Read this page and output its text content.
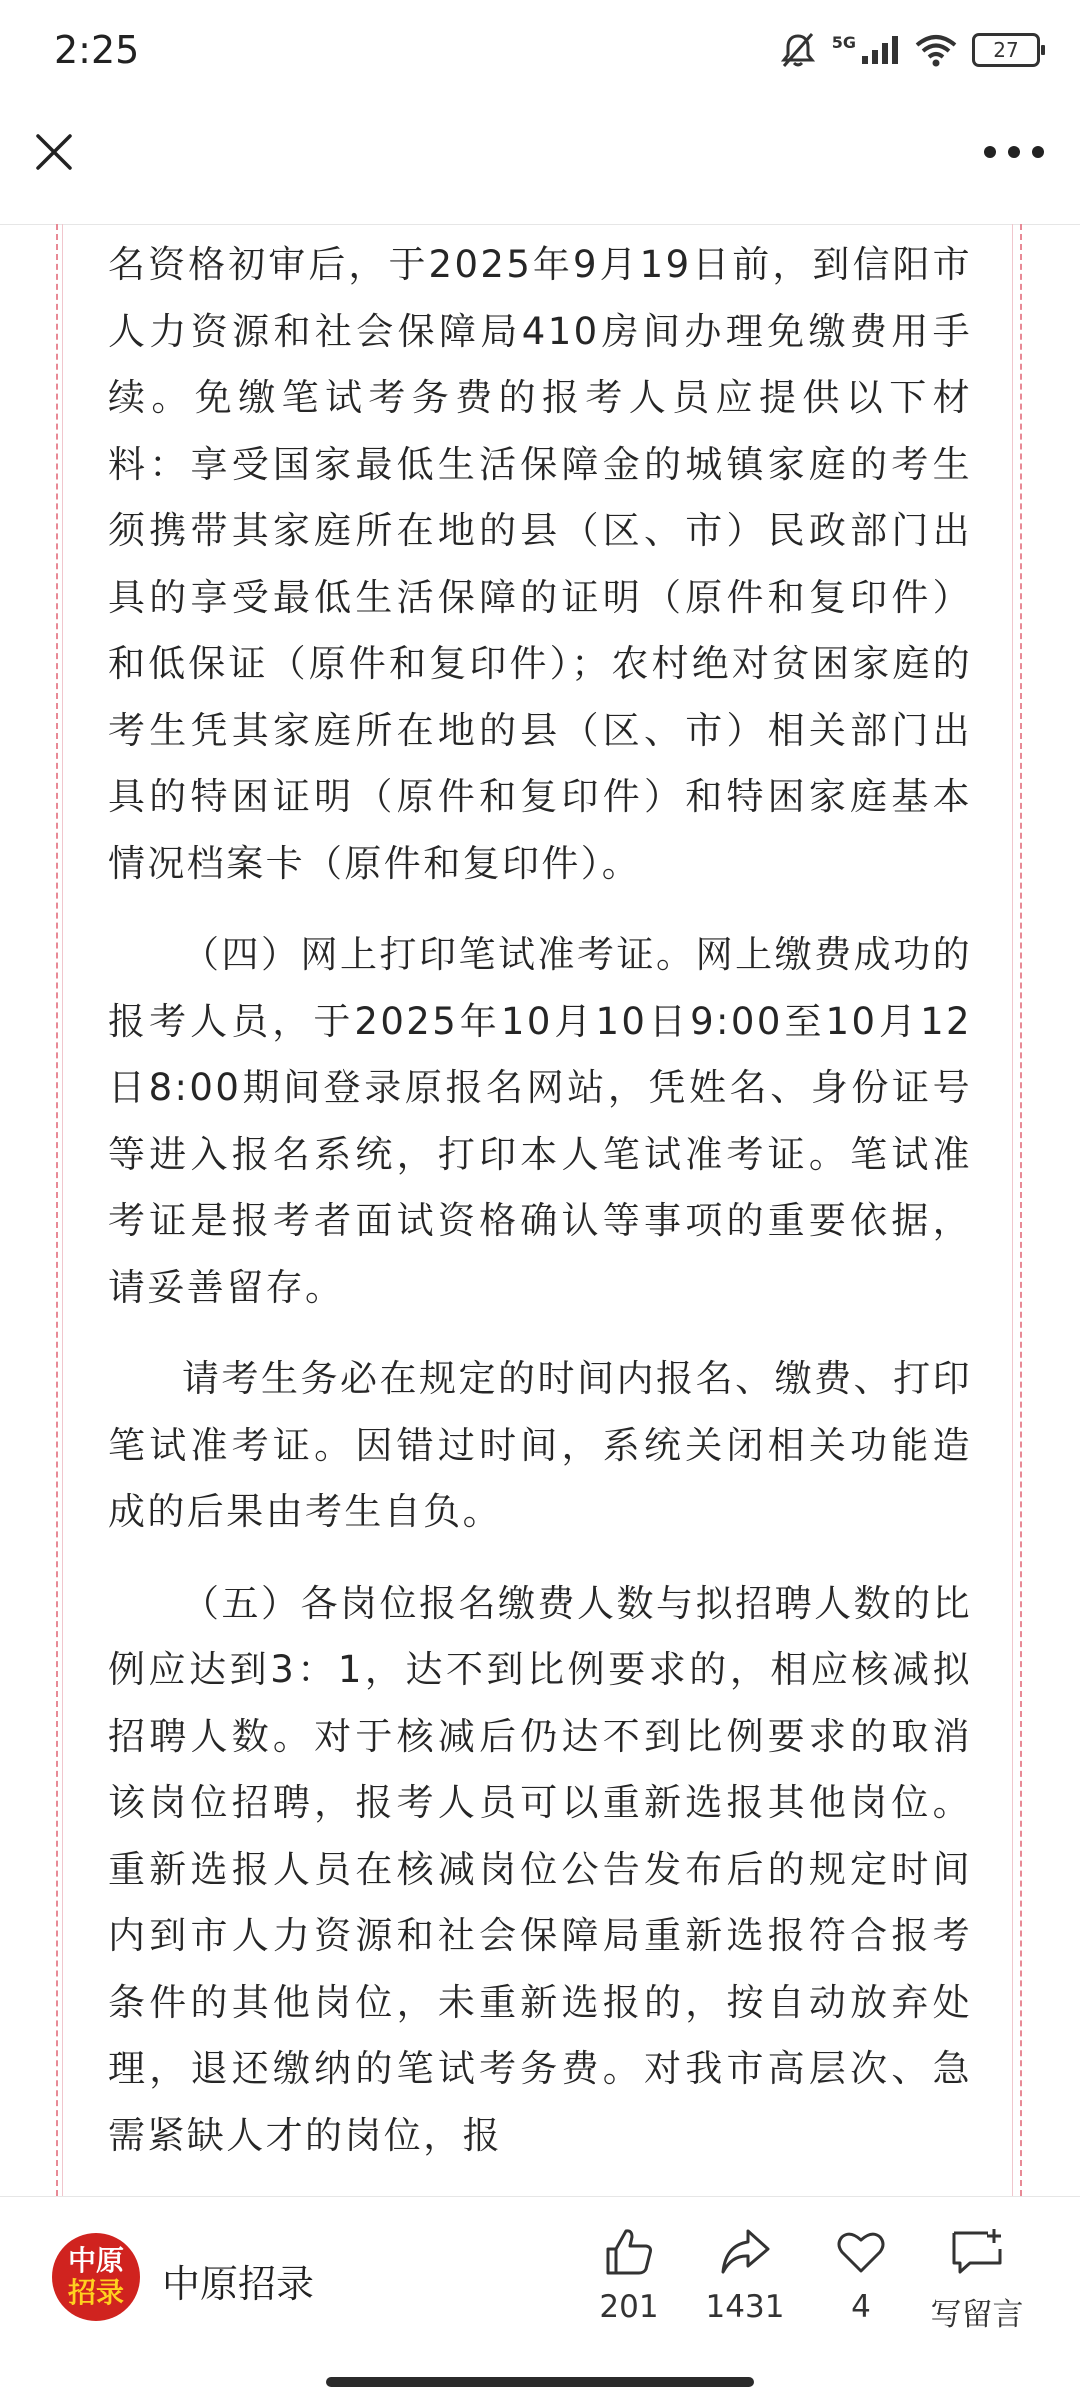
2:25	5G	27

名资格初审后，于2025年9月19日前，到信阳市人力资源和社会保障局410房间办理免缴费用手续。免缴笔试考务费的报考人员应提供以下材料：享受国家最低生活保障金的城镇家庭的考生须携带其家庭所在地的县（区、市）民政部门出具的享受最低生活保障的证明（原件和复印件）和低保证（原件和复印件）；农村绝对贫困家庭的考生凭其家庭所在地的县（区、市）相关部门出具的特困证明（原件和复印件）和特困家庭基本情况档案卡（原件和复印件）。

（四）网上打印笔试准考证。网上缴费成功的报考人员，于2025年10月10日9:00至10月12日8:00期间登录原报名网站，凭姓名、身份证号等进入报名系统，打印本人笔试准考证。笔试准考证是报考者面试资格确认等事项的重要依据，请妥善留存。

请考生务必在规定的时间内报名、缴费、打印笔试准考证。因错过时间，系统关闭相关功能造成的后果由考生自负。

（五）各岗位报名缴费人数与拟招聘人数的比例应达到3：1，达不到比例要求的，相应核减拟招聘人数。对于核减后仍达不到比例要求的取消该岗位招聘，报考人员可以重新选报其他岗位。重新选报人员在核减岗位公告发布后的规定时间内到市人力资源和社会保障局重新选报符合报考条件的其他岗位，未重新选报的，按自动放弃处理，退还缴纳的笔试考务费。对我市高层次、急需紧缺人才的岗位，报

中 原
招 录 中原招录
201	1431	4	写留言
